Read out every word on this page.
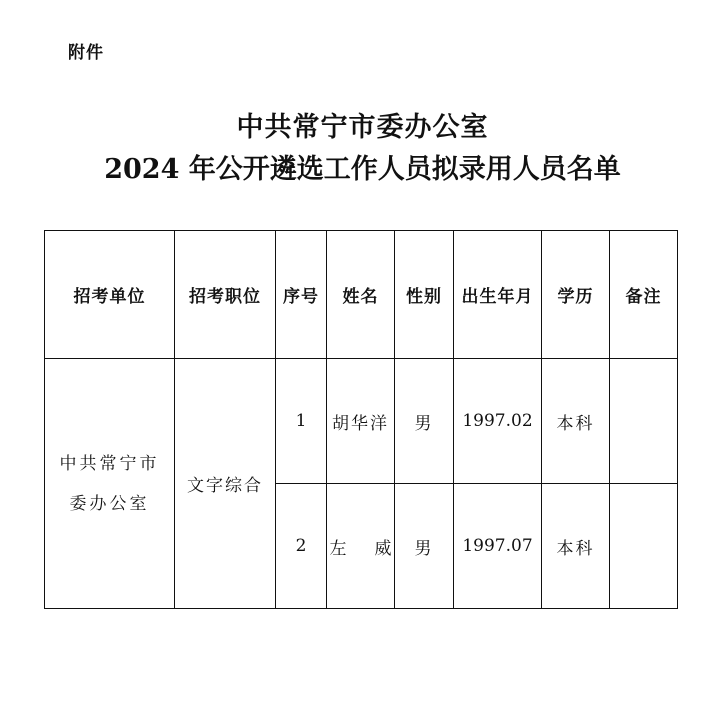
附件
中共常宁市委办公室
2024 年公开遴选工作人员拟录用人员名单
招考单位	招考职位	序号	姓名	性别	出生年月	学历	备注
中共常宁市委办公室	文字综合	1	胡华洋	男	1997.02	本科	
		2	左 威	男	1997.07	本科	
